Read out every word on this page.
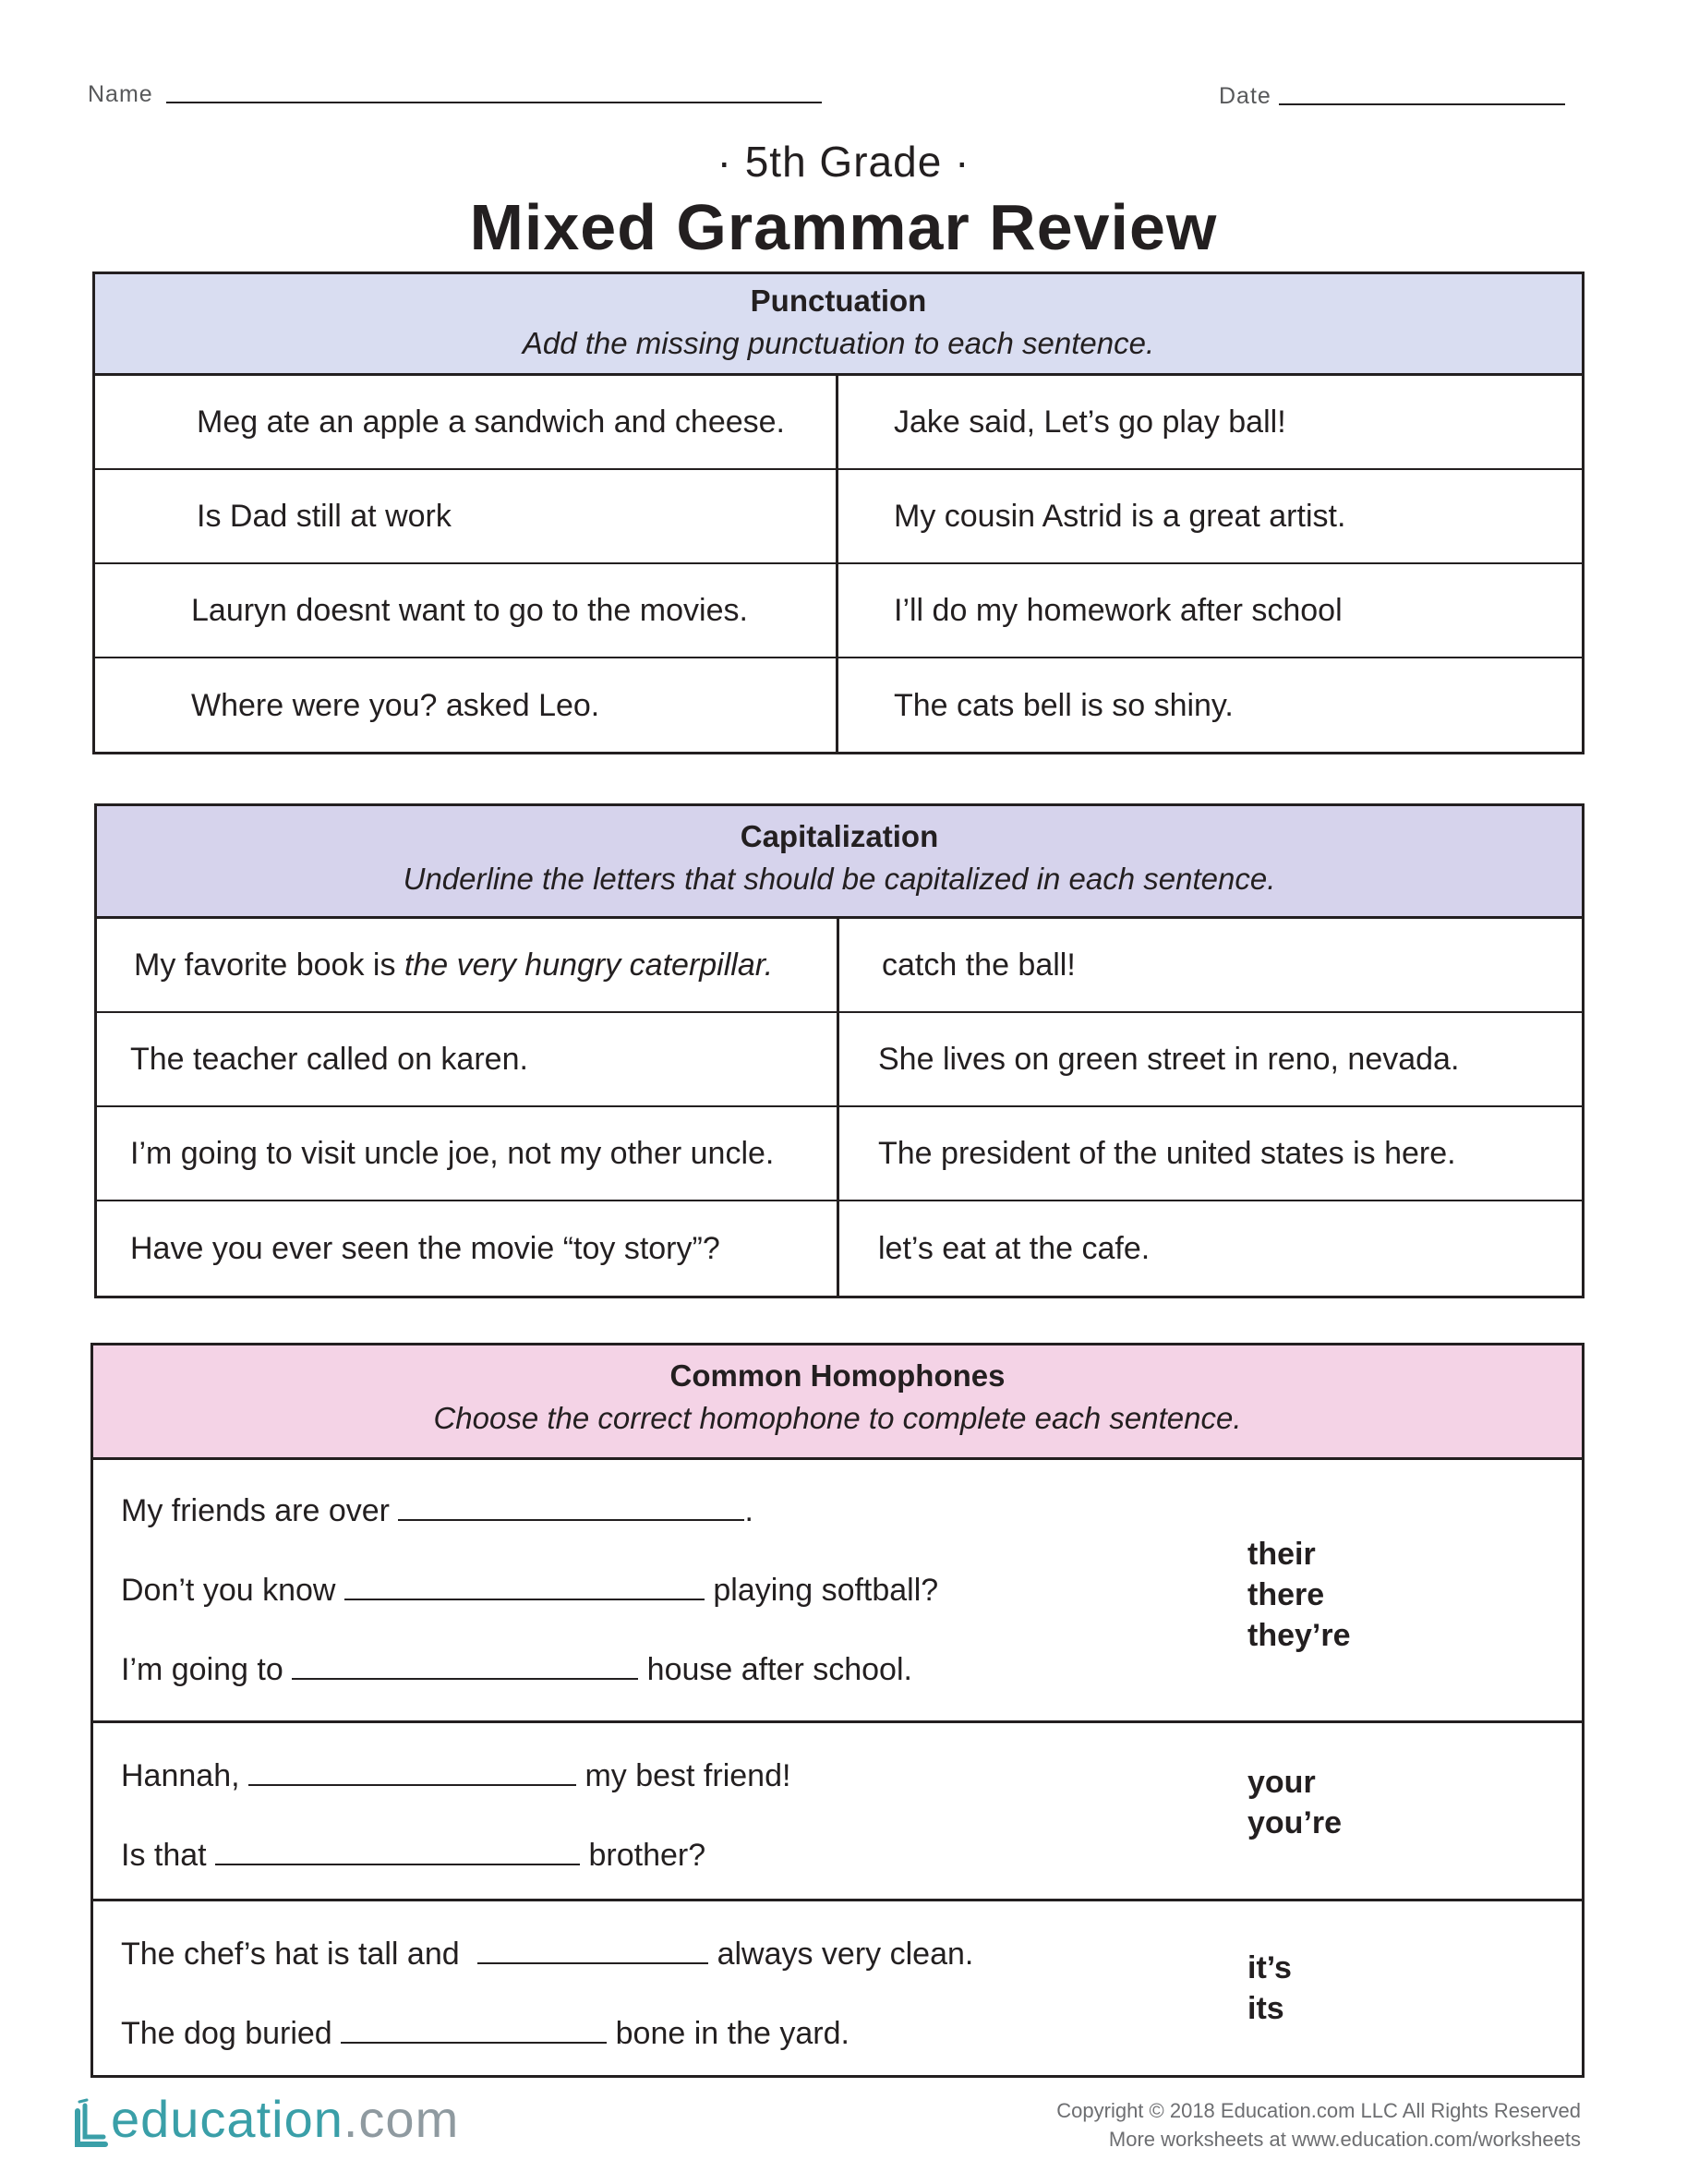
Name	Date
· 5th Grade ·
Mixed Grammar Review
Punctuation
Add the missing punctuation to each sentence.
Meg ate an apple a sandwich and cheese.	Jake said, Let’s go play ball!
Is Dad still at work	My cousin Astrid is a great artist.
Lauryn doesnt want to go to the movies.	I’ll do my homework after school
Where were you? asked Leo.	The cats bell is so shiny.
Capitalization
Underline the letters that should be capitalized in each sentence.
My favorite book is the very hungry caterpillar.	catch the ball!
The teacher called on karen.	She lives on green street in reno, nevada.
I’m going to visit uncle joe, not my other uncle.	The president of the united states is here.
Have you ever seen the movie “toy story”?	let’s eat at the cafe.
Common Homophones
Choose the correct homophone to complete each sentence.
My friends are over	.
Don’t you know	playing softball?
I’m going to	house after school.
their
there
they’re
Hannah,	my best friend!
Is that	brother?
your
you’re
The chef’s hat is tall and	always very clean.
The dog buried	bone in the yard.
it’s
its
education.com	Copyright © 2018 Education.com LLC All Rights Reserved
More worksheets at www.education.com/worksheets
